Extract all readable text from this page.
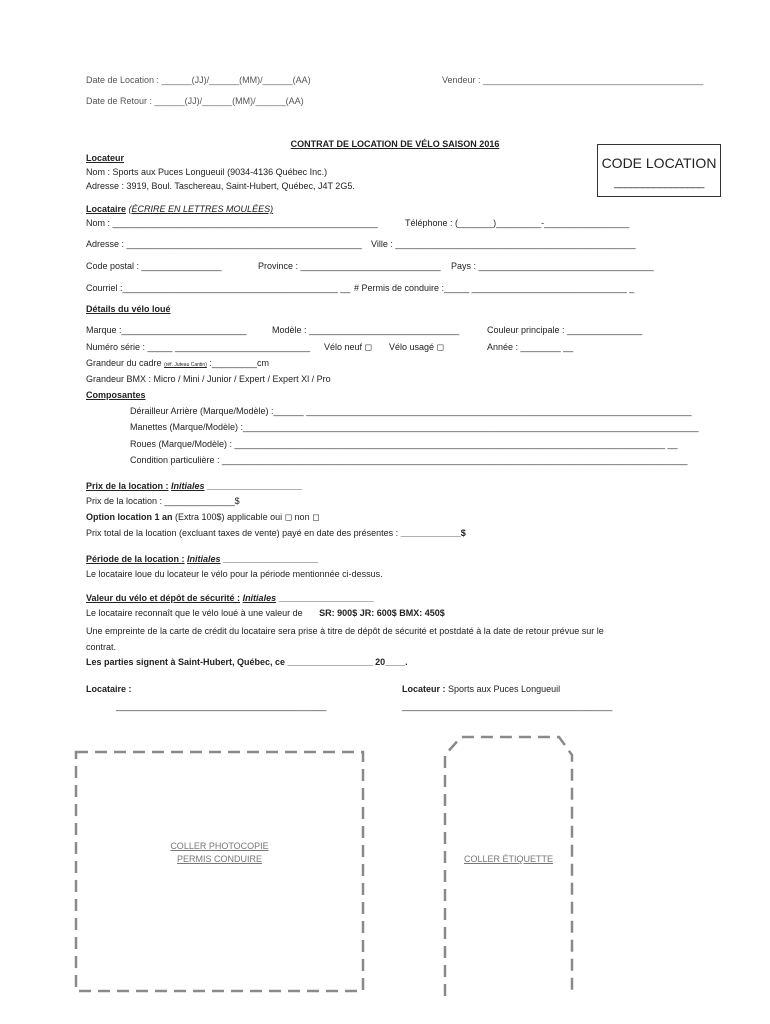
Date de Location : ______(JJ)/______(MM)/______(AA)	Vendeur : ____________________________________________
Date de Retour : ______(JJ)/______(MM)/______(AA)
CONTRAT DE LOCATION DE VÉLO SAISON 2016
CODE LOCATION
________________
Locateur
Nom : Sports aux Puces Longueuil (9034-4136 Québec Inc.)
Adresse : 3919, Boul. Taschereau, Saint-Hubert, Québec, J4T 2G5.
Locataire (ÉCRIRE EN LETTRES MOULÉES)
Nom : _____________________________________________________	Téléphone : (_______)_________-_________________
Adresse : _______________________________________________ Ville : ________________________________________________
Code postal : ________________	Province : ____________________________ Pays : ___________________________________
Courriel :___________________________________________ __ # Permis de conduire :_____ _______________________________ _
Détails du vélo loué
Marque :_________________________	Modèle : ______________________________	Couleur principale : _______________
Numéro série : _____ ___________________________ Vélo neuf ◻ Vélo usagé ◻	Année : ________ __
Grandeur du cadre (réf. Juteau Cantin) :_________cm
Grandeur BMX : Micro / Mini / Junior / Expert / Expert Xl / Pro
Composantes
Dérailleur Arrière (Marque/Modèle) :______ _____________________________________________________________________________
Manettes (Marque/Modèle) :___________________________________________________________________________________________
Roues (Marque/Modèle) : ______________________________________________________________________________________ __
Condition particulière : _____________________________________________________________________________________________
Prix de la location : Initiales ___________________
Prix de la location : ______________$
Option location 1 an (Extra 100$) applicable oui ◻ non ◻
Prix total de la location (excluant taxes de vente) payé en date des présentes : ____________$
Période de la location : Initiales ___________________
Le locataire loue du locateur le vélo pour la période mentionnée ci-dessus.
Valeur du vélo et dépôt de sécurité : Initiales ___________________
Le locataire reconnaît que le vélo loué à une valeur de SR: 900$ JR: 600$ BMX: 450$
Une empreinte de la carte de crédit du locataire sera prise à titre de dépôt de sécurité et postdaté à la date de retour prévue sur le
contrat.
Les parties signent à Saint-Hubert, Québec, ce _________________ 20____.
Locataire :	Locateur : Sports aux Puces Longueuil
__________________________________________	__________________________________________
COLLER PHOTOCOPIE
PERMIS CONDUIRE	COLLER ÉTIQUETTE
